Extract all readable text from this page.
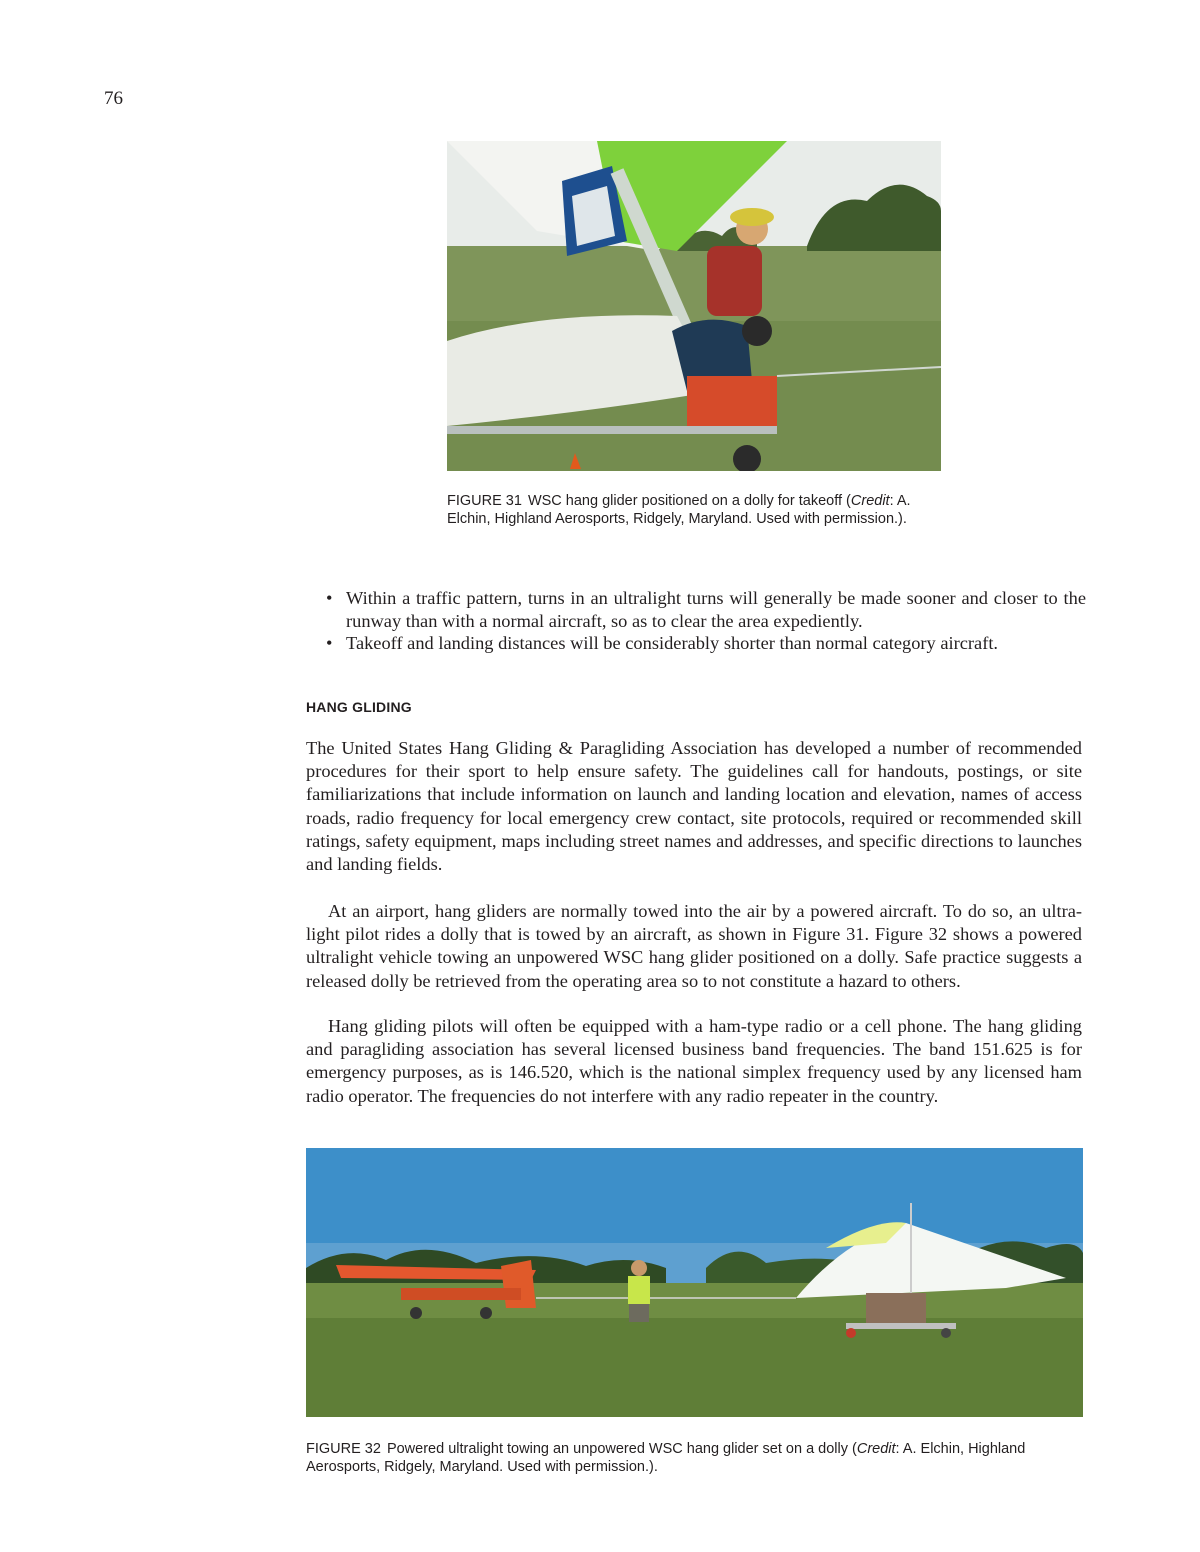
76
FIGURE 31 WSC hang glider positioned on a dolly for takeoff (Credit: A. Elchin, Highland Aerosports, Ridgely, Maryland. Used with permission.).
• Within a traffic pattern, turns in an ultralight turns will generally be made sooner and closer to the runway than with a normal aircraft, so as to clear the area expediently.
• Takeoff and landing distances will be considerably shorter than normal category aircraft.
HANG GLIDING

The United States Hang Gliding & Paragliding Association has developed a number of recommended procedures for their sport to help ensure safety. The guidelines call for handouts, postings, or site familiarizations that include information on launch and landing location and elevation, names of access roads, radio frequency for local emergency crew contact, site protocols, required or recommended skill ratings, safety equipment, maps including street names and addresses, and specific directions to launches and landing fields.

At an airport, hang gliders are normally towed into the air by a powered aircraft. To do so, an ultra-light pilot rides a dolly that is towed by an aircraft, as shown in Figure 31. Figure 32 shows a powered ultralight vehicle towing an unpowered WSC hang glider positioned on a dolly. Safe practice suggests a released dolly be retrieved from the operating area so to not constitute a hazard to others.

Hang gliding pilots will often be equipped with a ham-type radio or a cell phone. The hang gliding and paragliding association has several licensed business band frequencies. The band 151.625 is for emergency purposes, as is 146.520, which is the national simplex frequency used by any licensed ham radio operator. The frequencies do not interfere with any radio repeater in the country.

FIGURE 32 Powered ultralight towing an unpowered WSC hang glider set on a dolly (Credit: A. Elchin, Highland Aerosports, Ridgely, Maryland. Used with permission.).
